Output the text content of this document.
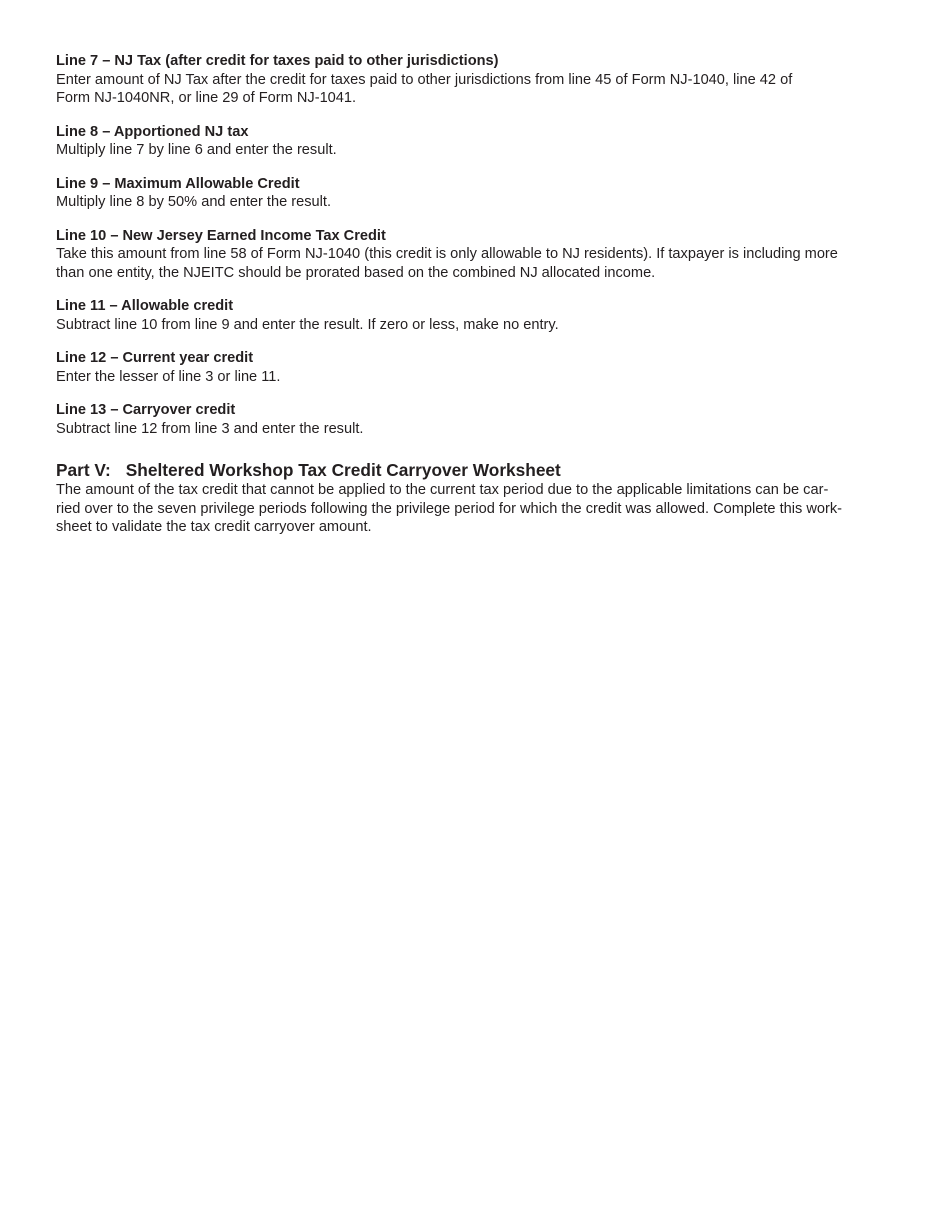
Line 7 – NJ Tax (after credit for taxes paid to other jurisdictions)

Enter amount of NJ Tax after the credit for taxes paid to other jurisdictions from line 45 of Form NJ-1040, line 42 of

Form NJ-1040NR, or line 29 of Form NJ-1041.

Line 8 – Apportioned NJ tax

Multiply line 7 by line 6 and enter the result.

Line 9 – Maximum Allowable Credit

Multiply line 8 by 50% and enter the result.

Line 10 – New Jersey Earned Income Tax Credit

Take this amount from line 58 of Form NJ-1040 (this credit is only allowable to NJ residents). If taxpayer is including more

than one entity, the NJEITC should be prorated based on the combined NJ allocated income.

Line 11 – Allowable credit

Subtract line 10 from line 9 and enter the result. If zero or less, make no entry.

Line 12 – Current year credit

Enter the lesser of line 3 or line 11.

Line 13 – Carryover credit

Subtract line 12 from line 3 and enter the result.

Part V: Sheltered Workshop Tax Credit Carryover Worksheet

The amount of the tax credit that cannot be applied to the current tax period due to the applicable limitations can be car-

ried over to the seven privilege periods following the privilege period for which the credit was allowed. Complete this work-

sheet to validate the tax credit carryover amount.
